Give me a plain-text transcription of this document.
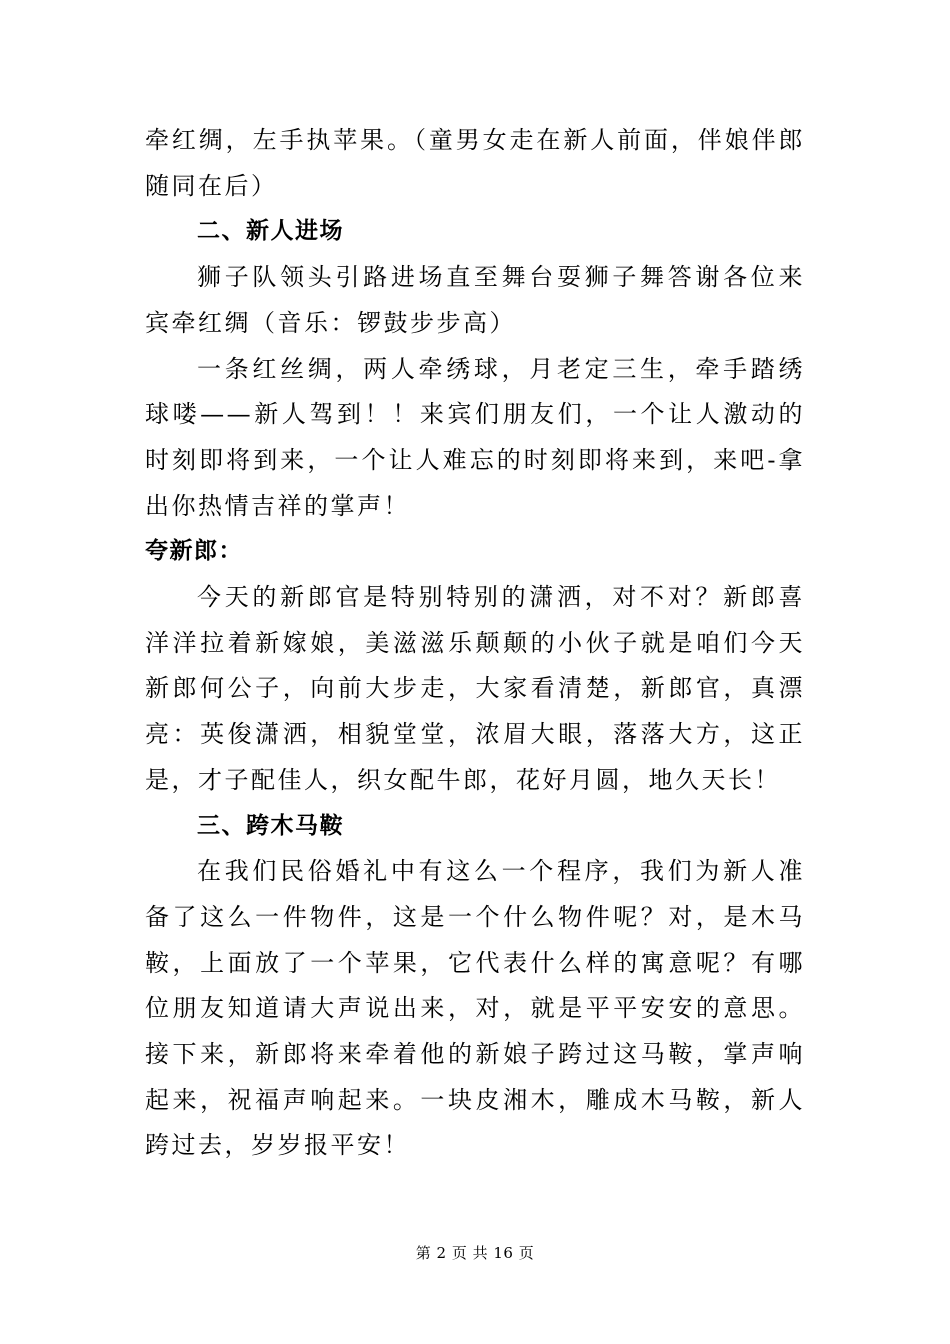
牵红绸，左手执苹果。（童男女走在新人前面，伴娘伴郎随同在后）

二、新人进场

狮子队领头引路进场直至舞台耍狮子舞答谢各位来宾牵红绸（音乐：锣鼓步步高）

一条红丝绸，两人牵绣球，月老定三生，牵手踏绣球喽——新人驾到！！来宾们朋友们，一个让人激动的时刻即将到来，一个让人难忘的时刻即将来到，来吧-拿出你热情吉祥的掌声！

夸新郎：

今天的新郎官是特别特别的潇洒，对不对？新郎喜洋洋拉着新嫁娘，美滋滋乐颠颠的小伙子就是咱们今天新郎何公子，向前大步走，大家看清楚，新郎官，真漂亮：英俊潇洒，相貌堂堂，浓眉大眼，落落大方，这正是，才子配佳人，织女配牛郎，花好月圆，地久天长！

三、跨木马鞍

在我们民俗婚礼中有这么一个程序，我们为新人准备了这么一件物件，这是一个什么物件呢？对，是木马鞍，上面放了一个苹果，它代表什么样的寓意呢？有哪位朋友知道请大声说出来，对，就是平平安安的意思。接下来，新郎将来牵着他的新娘子跨过这马鞍，掌声响起来，祝福声响起来。一块皮湘木，雕成木马鞍，新人跨过去，岁岁报平安！

第 2 页 共 16 页
